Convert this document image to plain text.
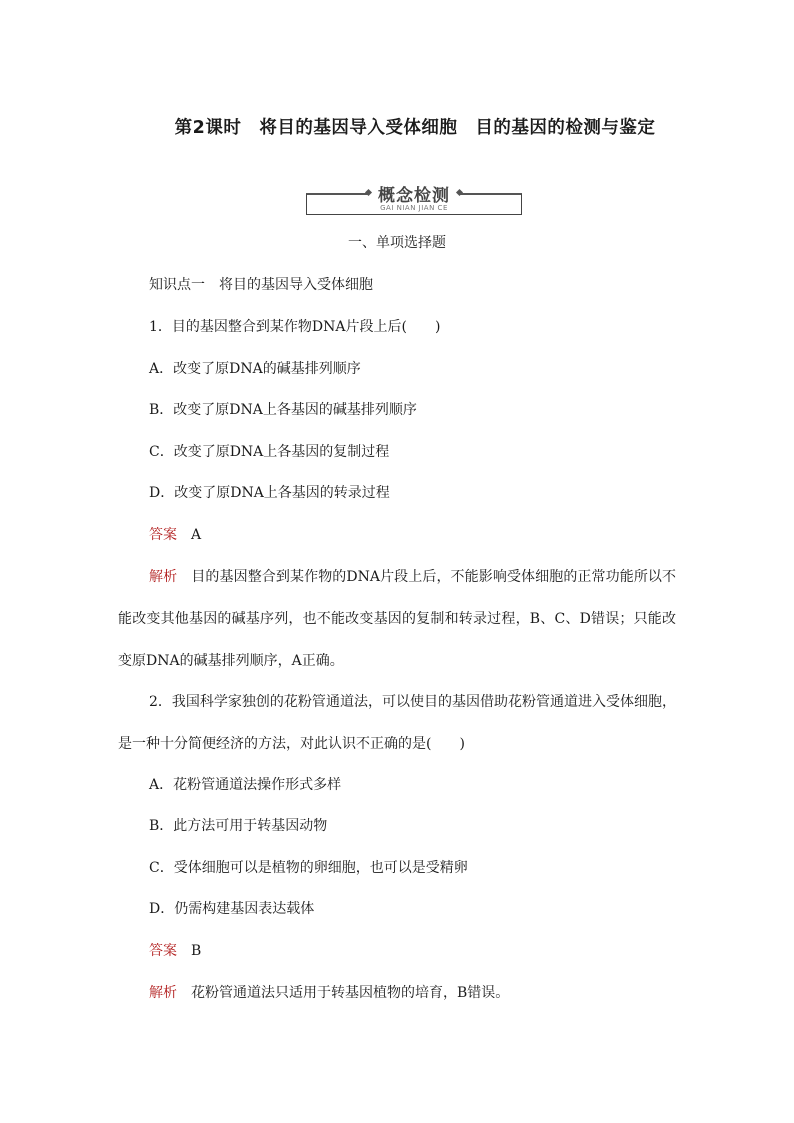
第2课时　将目的基因导入受体细胞　目的基因的检测与鉴定
概念检测
GAI NIAN JIAN CE
一、单项选择题
知识点一　将目的基因导入受体细胞
1．目的基因整合到某作物DNA片段上后(　　)
A．改变了原DNA的碱基排列顺序
B．改变了原DNA上各基因的碱基排列顺序
C．改变了原DNA上各基因的复制过程
D．改变了原DNA上各基因的转录过程
答案　 A
解析　 目的基因整合到某作物的DNA片段上后，不能影响受体细胞的正常功能所以不能改变其他基因的碱基序列，也不能改变基因的复制和转录过程，B、C、D错误；只能改变原DNA的碱基排列顺序，A正确。
2．我国科学家独创的花粉管通道法，可以使目的基因借助花粉管通道进入受体细胞，是一种十分简便经济的方法，对此认识不正确的是(　　)
A．花粉管通道法操作形式多样
B．此方法可用于转基因动物
C．受体细胞可以是植物的卵细胞，也可以是受精卵
D．仍需构建基因表达载体
答案　 B
解析　 花粉管通道法只适用于转基因植物的培育，B错误。
